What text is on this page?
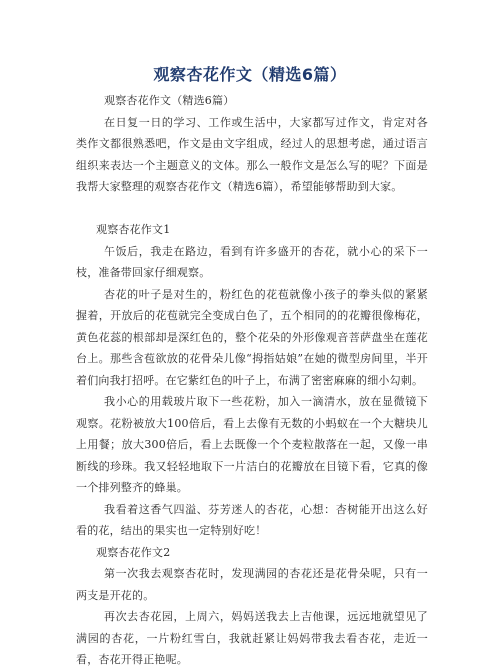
观察杏花作文（精选6篇）

观察杏花作文（精选6篇）

在日复一日的学习、工作或生活中，大家都写过作文，肯定对各类作文都很熟悉吧，作文是由文字组成，经过人的思想考虑，通过语言组织来表达一个主题意义的文体。那么一般作文是怎么写的呢？下面是我帮大家整理的观察杏花作文（精选6篇），希望能够帮助到大家。

观察杏花作文1

午饭后，我走在路边，看到有许多盛开的杏花，就小心的采下一枝，准备带回家仔细观察。

杏花的叶子是对生的，粉红色的花苞就像小孩子的拳头似的紧紧握着，开放后的花苞就完全变成白色了，五个相同的的花瓣很像梅花，黄色花蕊的根部却是深红色的，整个花朵的外形像观音菩萨盘坐在莲花台上。那些含苞欲放的花骨朵儿像“拇指姑娘”在她的微型房间里，半开着们向我打招呼。在它紫红色的叶子上，布满了密密麻麻的细小勾刺。

我小心的用载玻片取下一些花粉，加入一滴清水，放在显微镜下观察。花粉被放大100倍后，看上去像有无数的小蚂蚁在一个大糖块儿上用餐；放大300倍后，看上去既像一个个麦粒散落在一起，又像一串断线的珍珠。我又轻轻地取下一片洁白的花瓣放在目镜下看，它真的像一个排列整齐的蜂巢。

我看着这香气四溢、芬芳迷人的杏花，心想：杏树能开出这么好看的花，结出的果实也一定特别好吃！

观察杏花作文2

第一次我去观察杏花时，发现满园的杏花还是花骨朵呢，只有一两支是开花的。

再次去杏花园，上周六，妈妈送我去上吉他课，远远地就望见了满园的杏花，一片粉红雪白，我就赶紧让妈妈带我去看杏花，走近一看，杏花开得正艳呢。
